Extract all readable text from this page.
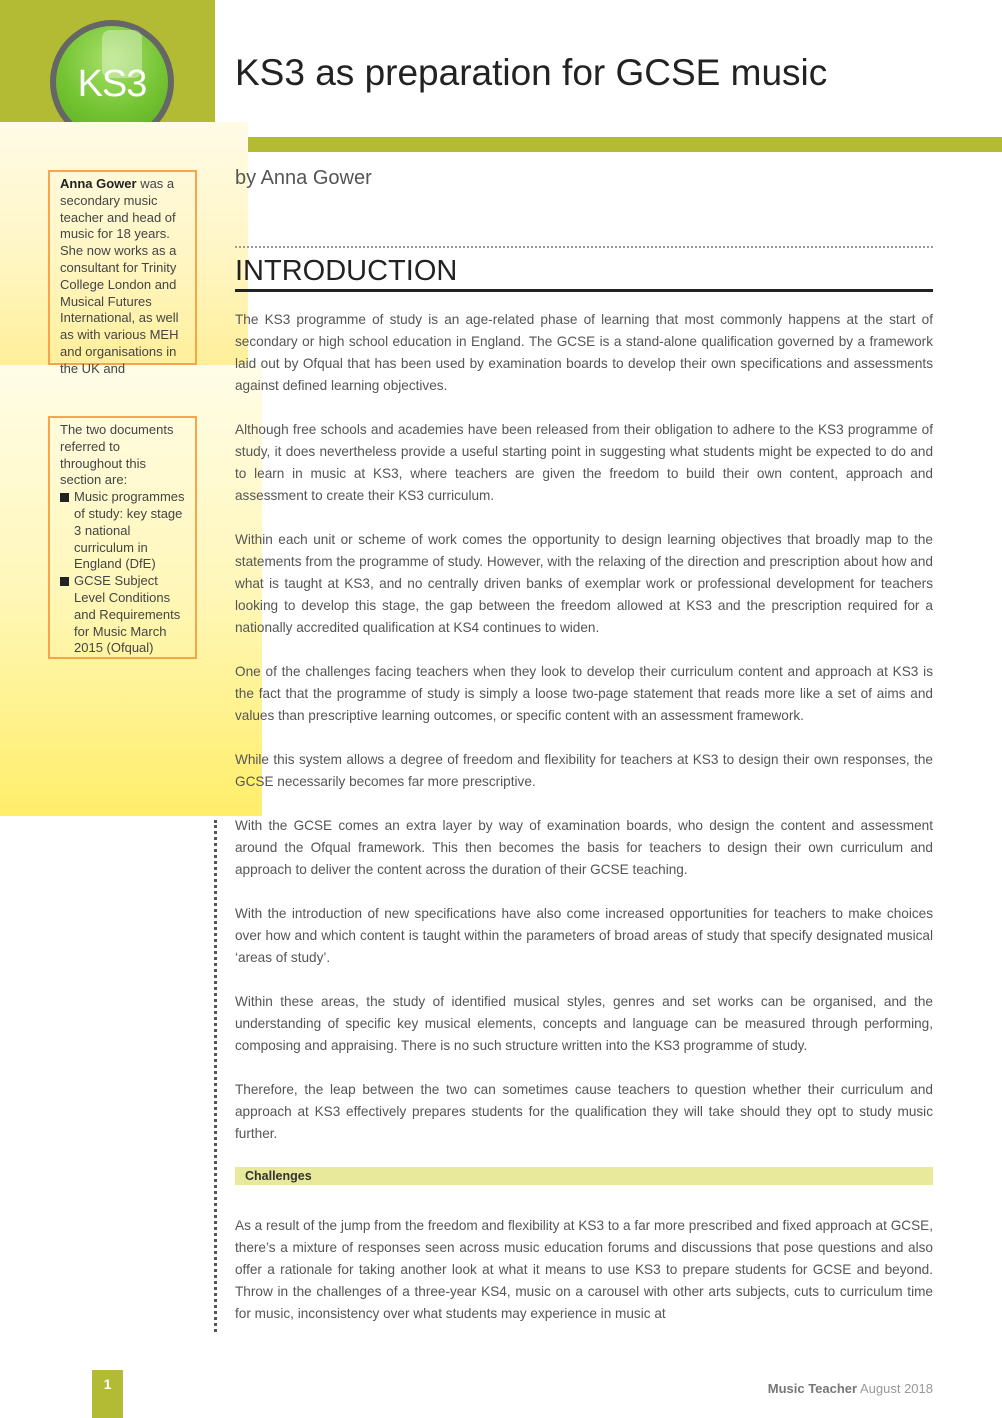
KS3 KS3 as preparation for GCSE music
Anna Gower was a secondary music teacher and head of music for 18 years. She now works as a consultant for Trinity College London and Musical Futures International, as well as with various MEH and organisations in the UK and
The two documents referred to throughout this section are:
Music programmes of study: key stage 3 national curriculum in England (DfE)
GCSE Subject Level Conditions and Requirements for Music March 2015 (Ofqual)
by Anna Gower
INTRODUCTION

The KS3 programme of study is an age-related phase of learning that most commonly happens at the start of secondary or high school education in England. The GCSE is a stand-alone qualification governed by a framework laid out by Ofqual that has been used by examination boards to develop their own specifications and assessments against defined learning objectives.

Although free schools and academies have been released from their obligation to adhere to the KS3 programme of study, it does nevertheless provide a useful starting point in suggesting what students might be expected to do and to learn in music at KS3, where teachers are given the freedom to build their own content, approach and assessment to create their KS3 curriculum.

Within each unit or scheme of work comes the opportunity to design learning objectives that broadly map to the statements from the programme of study. However, with the relaxing of the direction and prescription about how and what is taught at KS3, and no centrally driven banks of exemplar work or professional development for teachers looking to develop this stage, the gap between the freedom allowed at KS3 and the prescription required for a nationally accredited qualification at KS4 continues to widen.

One of the challenges facing teachers when they look to develop their curriculum content and approach at KS3 is the fact that the programme of study is simply a loose two-page statement that reads more like a set of aims and values than prescriptive learning outcomes, or specific content with an assessment framework.

While this system allows a degree of freedom and flexibility for teachers at KS3 to design their own responses, the GCSE necessarily becomes far more prescriptive.

With the GCSE comes an extra layer by way of examination boards, who design the content and assessment around the Ofqual framework. This then becomes the basis for teachers to design their own curriculum and approach to deliver the content across the duration of their GCSE teaching.

With the introduction of new specifications have also come increased opportunities for teachers to make choices over how and which content is taught within the parameters of broad areas of study that specify designated musical ‘areas of study’.

Within these areas, the study of identified musical styles, genres and set works can be organised, and the understanding of specific key musical elements, concepts and language can be measured through performing, composing and appraising. There is no such structure written into the KS3 programme of study.

Therefore, the leap between the two can sometimes cause teachers to question whether their curriculum and approach at KS3 effectively prepares students for the qualification they will take should they opt to study music further.

Challenges

As a result of the jump from the freedom and flexibility at KS3 to a far more prescribed and fixed approach at GCSE, there’s a mixture of responses seen across music education forums and discussions that pose questions and also offer a rationale for taking another look at what it means to use KS3 to prepare students for GCSE and beyond. Throw in the challenges of a three-year KS4, music on a carousel with other arts subjects, cuts to curriculum time for music, inconsistency over what students may experience in music at

1	Music Teacher August 2018
